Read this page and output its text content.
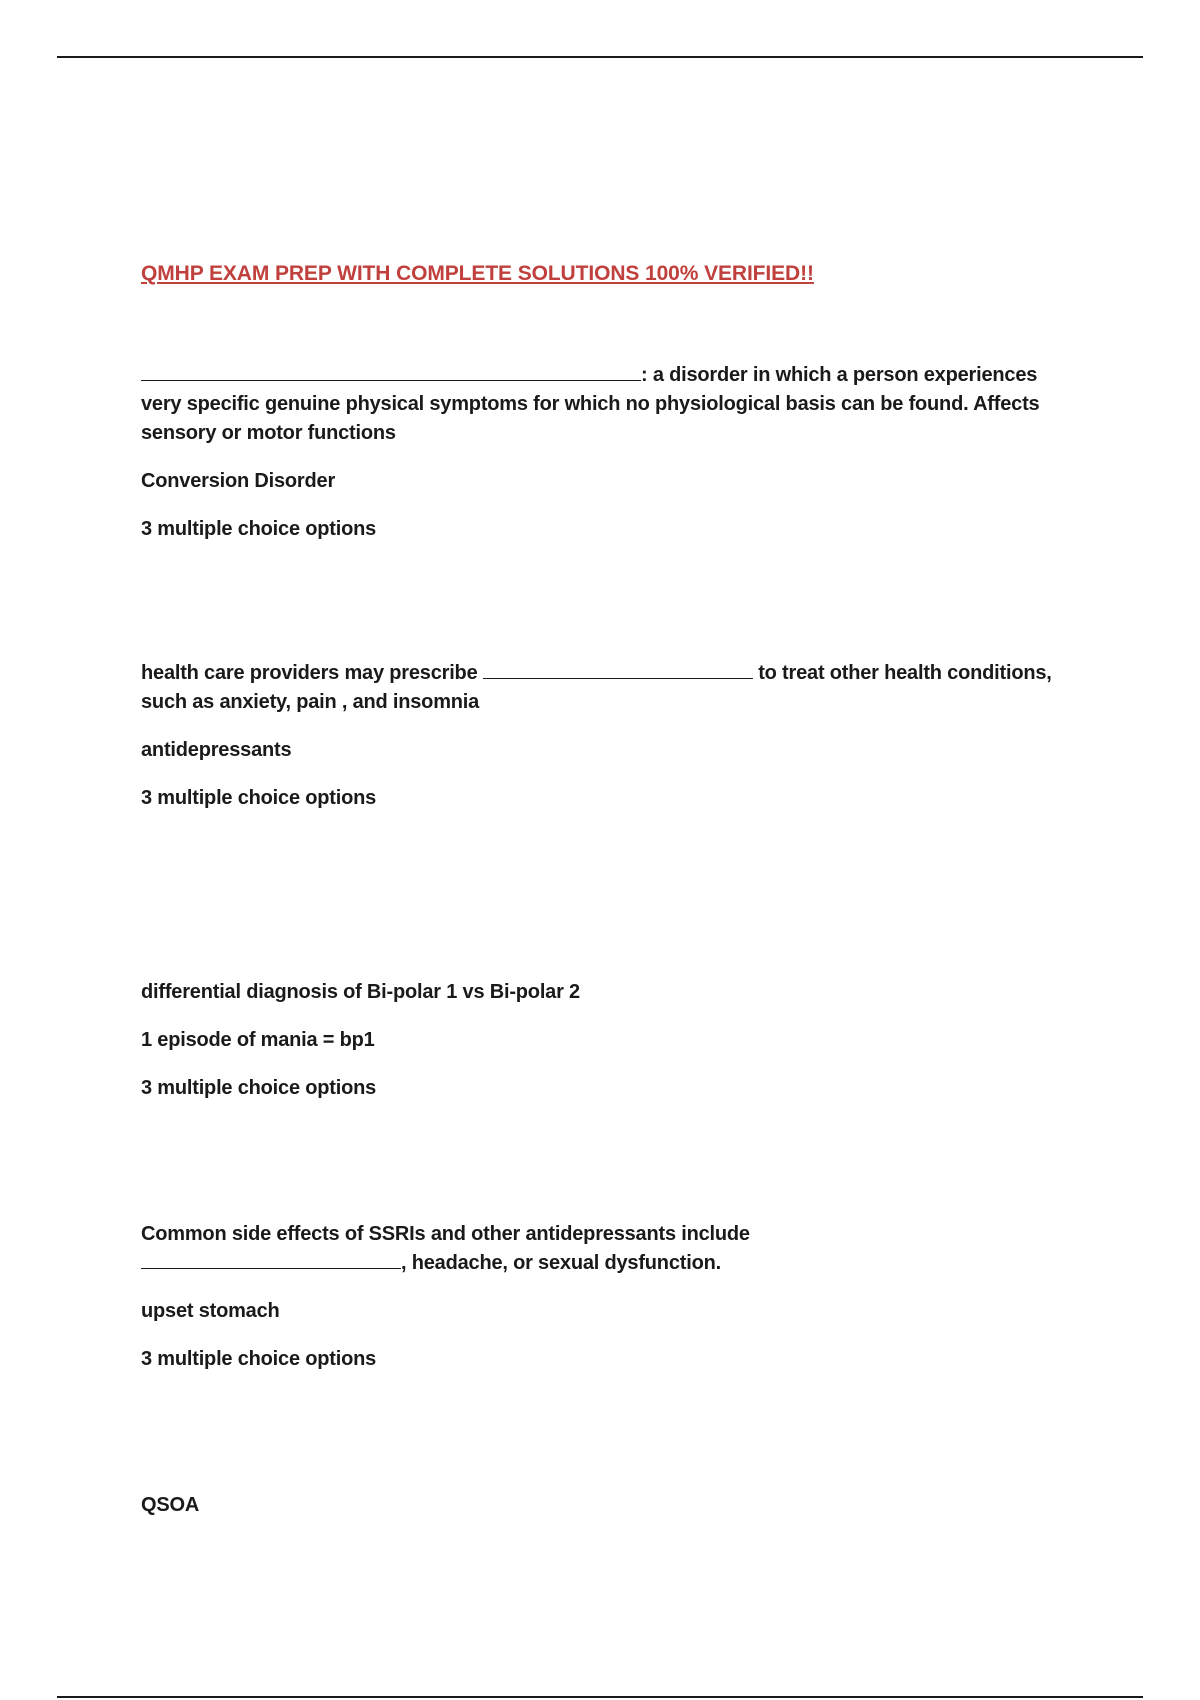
QMHP EXAM PREP WITH COMPLETE SOLUTIONS 100% VERIFIED!!

: a disorder in which a person experiences very specific genuine physical symptoms for which no physiological basis can be found. Affects sensory or motor functions

Conversion Disorder

3 multiple choice options

health care providers may prescribe	to treat other health conditions, such as anxiety, pain , and insomnia

antidepressants

3 multiple choice options

differential diagnosis of Bi-polar 1 vs Bi-polar 2

1 episode of mania = bp1

3 multiple choice options

Common side effects of SSRIs and other antidepressants include
, headache, or sexual dysfunction.

upset stomach

3 multiple choice options

QSOA
